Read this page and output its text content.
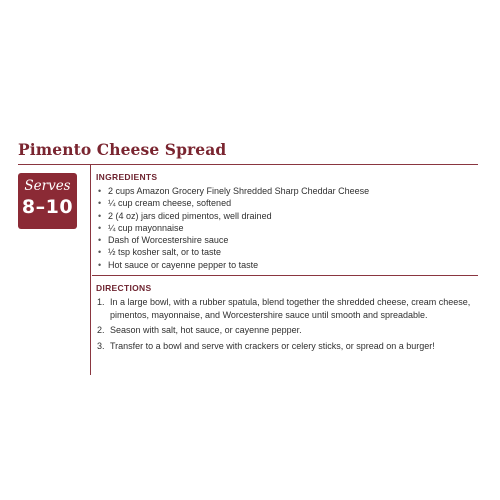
Pimento Cheese Spread
Serves
8–10
INGREDIENTS
• 2 cups Amazon Grocery Finely Shredded Sharp Cheddar Cheese
• ¼ cup cream cheese, softened
• 2 (4 oz) jars diced pimentos, well drained
• ¼ cup mayonnaise
• Dash of Worcestershire sauce
• ½ tsp kosher salt, or to taste
• Hot sauce or cayenne pepper to taste
DIRECTIONS
1. In a large bowl, with a rubber spatula, blend together the shredded cheese, cream cheese, pimentos, mayonnaise, and Worcestershire sauce until smooth and spreadable.
2. Season with salt, hot sauce, or cayenne pepper.
3. Transfer to a bowl and serve with crackers or celery sticks, or spread on a burger!
